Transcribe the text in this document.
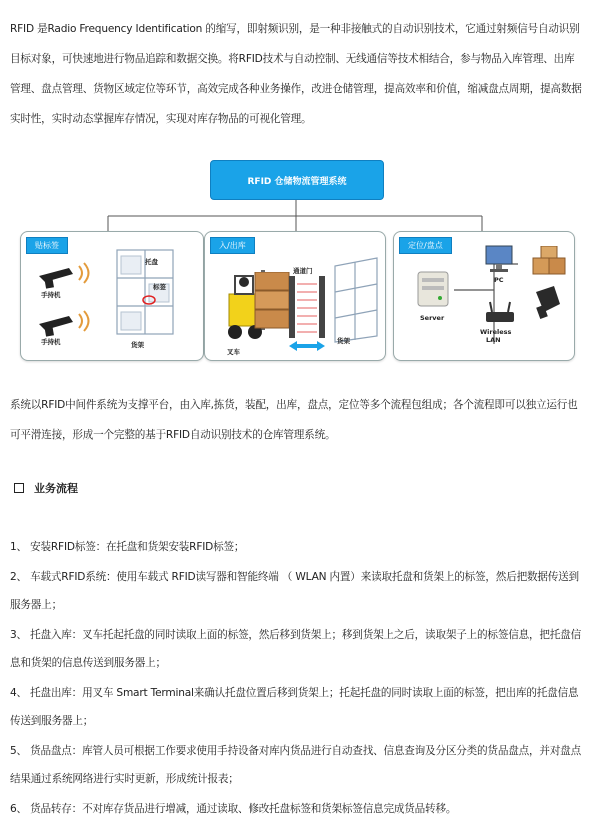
RFID 是Radio Frequency Identification 的缩写，即射频识别，是一种非接触式的自动识别技术，它通过射频信号自动识别目标对象，可快速地进行物品追踪和数据交换。将RFID技术与自动控制、无线通信等技术相结合，参与物品入库管理、出库管理、盘点管理、货物区域定位等环节，高效完成各种业务操作，改进仓储管理，提高效率和价值，缩减盘点周期，提高数据实时性，实时动态掌握库存情况，实现对库存物品的可视化管理。
RFID 仓储物流管理系统
贴标签
手持机
手持机
托盘
标签
货架
入/出库
通道门
叉车
货架
定位/盘点
Server
PC
Wireless
LAN
系统以RFID中间件系统为支撑平台，由入库,拣货，装配，出库，盘点，定位等多个流程包组成；各个流程即可以独立运行也可平滑连接，形成一个完整的基于RFID自动识别技术的仓库管理系统。
业务流程
1、 安装RFID标签：在托盘和货架安装RFID标签；
2、 车载式RFID系统：使用车载式 RFID读写器和智能终端 （ WLAN 内置）来读取托盘和货架上的标签，然后把数据传送到服务器上；
3、 托盘入库：叉车托起托盘的同时读取上面的标签，然后移到货架上；移到货架上之后，读取架子上的标签信息，把托盘信息和货架的信息传送到服务器上；
4、 托盘出库：用叉车 Smart Terminal来确认托盘位置后移到货架上；托起托盘的同时读取上面的标签，把出库的托盘信息传送到服务器上；
5、 货品盘点：库管人员可根据工作要求使用手持设备对库内货品进行自动查找、信息查询及分区分类的货品盘点，并对盘点结果通过系统网络进行实时更新，形成统计报表；
6、 货品转存：不对库存货品进行增减，通过读取、修改托盘标签和货架标签信息完成货品转移。
